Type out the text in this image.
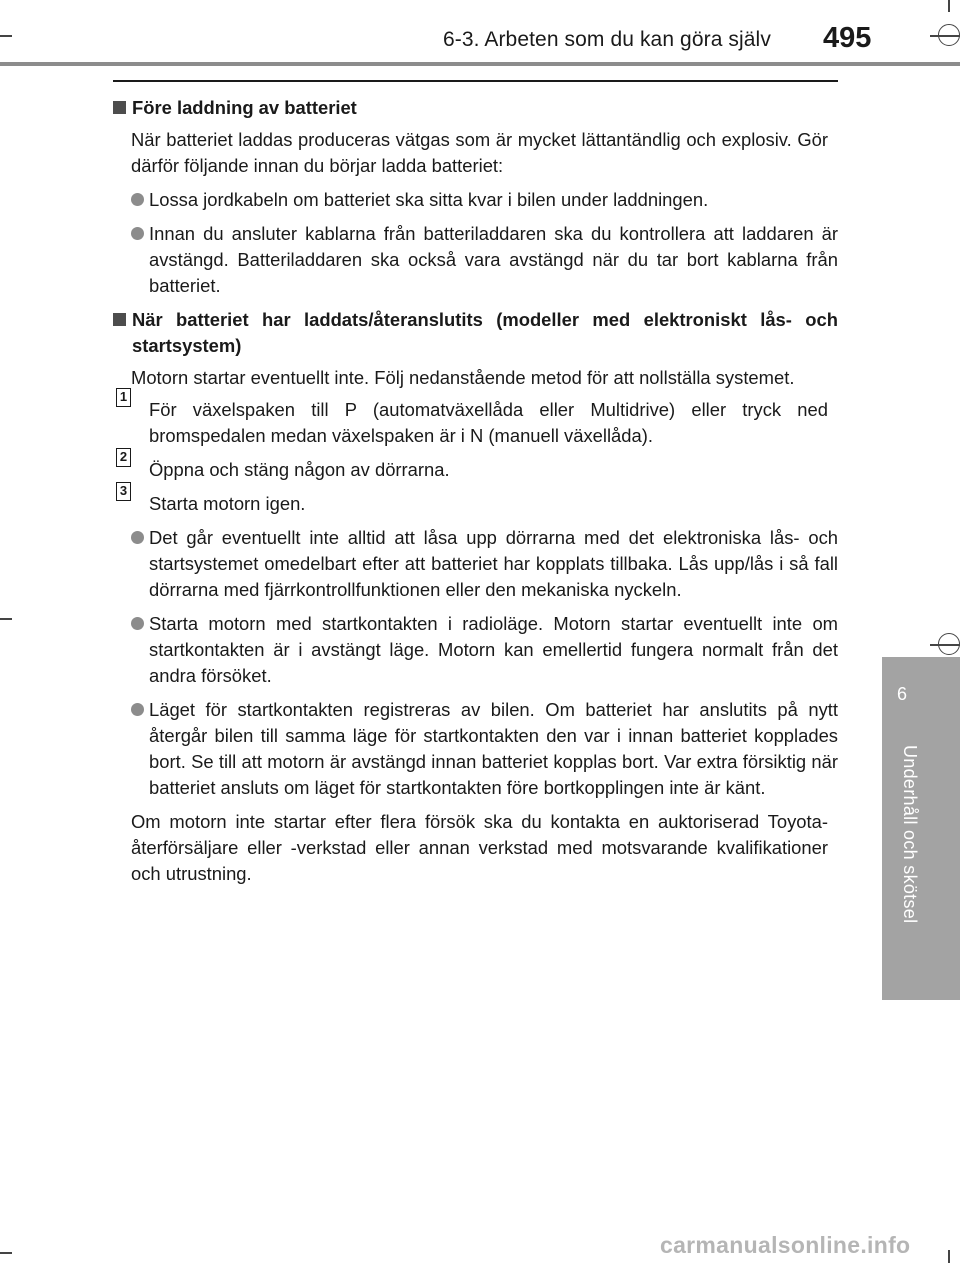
6-3. Arbeten som du kan göra själv 495
6
Underhåll och skötsel
Före laddning av batteriet

När batteriet laddas produceras vätgas som är mycket lättantändlig och explosiv. Gör därför följande innan du börjar ladda batteriet:

Lossa jordkabeln om batteriet ska sitta kvar i bilen under laddningen.
Innan du ansluter kablarna från batteriladdaren ska du kontrollera att laddaren är avstängd. Batteriladdaren ska också vara avstängd när du tar bort kablarna från batteriet.
När batteriet har laddats/återanslutits (modeller med elektroniskt lås- och startsystem)

Motorn startar eventuellt inte. Följ nedanstående metod för att nollställa systemet.

1
För växelspaken till P (automatväxellåda eller Multidrive) eller tryck ned bromspedalen medan växelspaken är i N (manuell växellåda).
2
Öppna och stäng någon av dörrarna.
3
Starta motorn igen.
Det går eventuellt inte alltid att låsa upp dörrarna med det elektroniska lås- och startsystemet omedelbart efter att batteriet har kopplats tillbaka. Lås upp/lås i så fall dörrarna med fjärrkontrollfunktionen eller den mekaniska nyckeln.
Starta motorn med startkontakten i radioläge. Motorn startar eventuellt inte om startkontakten är i avstängt läge. Motorn kan emellertid fungera normalt från det andra försöket.
Läget för startkontakten registreras av bilen. Om batteriet har anslutits på nytt återgår bilen till samma läge för startkontakten den var i innan batteriet kopplades bort. Se till att motorn är avstängd innan batteriet kopplas bort. Var extra försiktig när batteriet ansluts om läget för startkontakten före bortkopplingen inte är känt.

Om motorn inte startar efter flera försök ska du kontakta en auktoriserad Toyota-återförsäljare eller -verkstad eller annan verkstad med motsvarande kvalifikationer och utrustning.

carmanualsonline.info
